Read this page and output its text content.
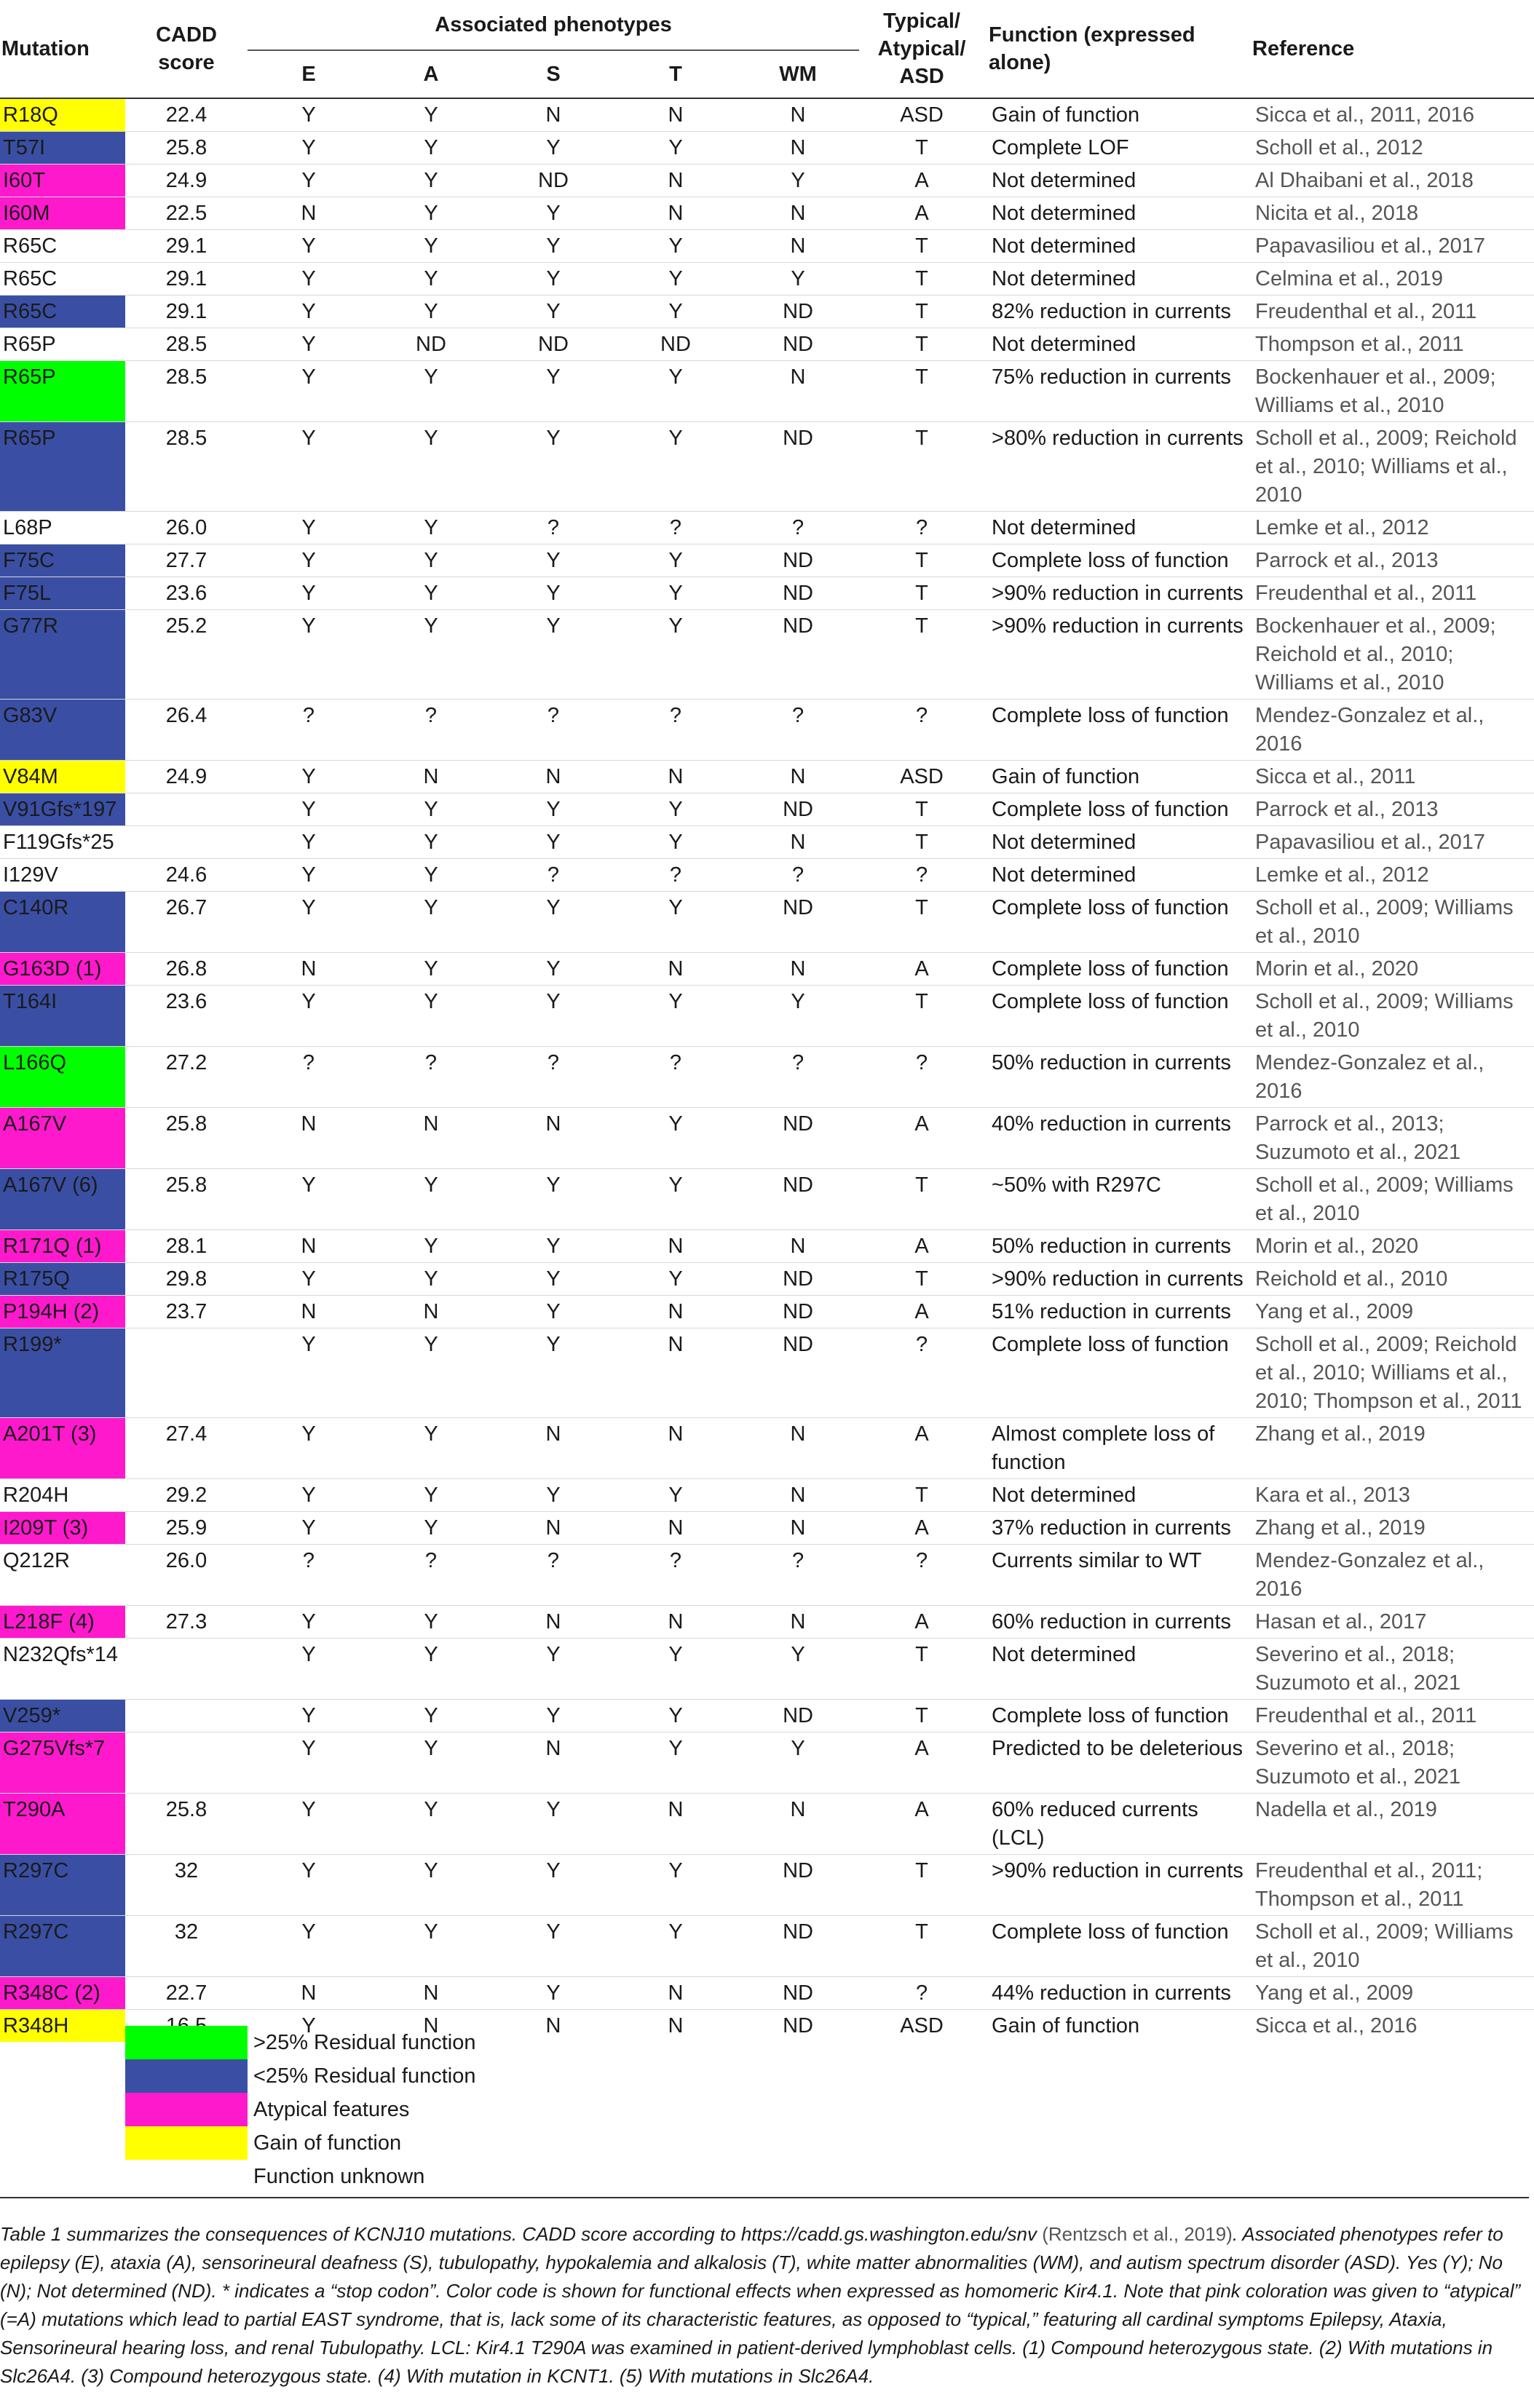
Mutation	CADD score	Associated phenotypes					Typical/ Atypical/ ASD	Function (expressed alone)	Reference
		E	A	S	T	WM			
R18Q	22.4	Y	Y	N	N	N	ASD	Gain of function	Sicca et al., 2011, 2016
T57I	25.8	Y	Y	Y	Y	N	T	Complete LOF	Scholl et al., 2012
I60T	24.9	Y	Y	ND	N	Y	A	Not determined	Al Dhaibani et al., 2018
I60M	22.5	N	Y	Y	N	N	A	Not determined	Nicita et al., 2018
R65C	29.1	Y	Y	Y	Y	N	T	Not determined	Papavasiliou et al., 2017
R65C	29.1	Y	Y	Y	Y	Y	T	Not determined	Celmina et al., 2019
R65C	29.1	Y	Y	Y	Y	ND	T	82% reduction in currents	Freudenthal et al., 2011
R65P	28.5	Y	ND	ND	ND	ND	T	Not determined	Thompson et al., 2011
R65P	28.5	Y	Y	Y	Y	N	T	75% reduction in currents	Bockenhauer et al., 2009; Williams et al., 2010
R65P	28.5	Y	Y	Y	Y	ND	T	>80% reduction in currents	Scholl et al., 2009; Reichold et al., 2010; Williams et al., 2010
L68P	26.0	Y	Y	?	?	?	?	Not determined	Lemke et al., 2012
F75C	27.7	Y	Y	Y	Y	ND	T	Complete loss of function	Parrock et al., 2013
F75L	23.6	Y	Y	Y	Y	ND	T	>90% reduction in currents	Freudenthal et al., 2011
G77R	25.2	Y	Y	Y	Y	ND	T	>90% reduction in currents	Bockenhauer et al., 2009; Reichold et al., 2010; Williams et al., 2010
G83V	26.4	?	?	?	?	?	?	Complete loss of function	Mendez-Gonzalez et al., 2016
V84M	24.9	Y	N	N	N	N	ASD	Gain of function	Sicca et al., 2011
V91Gfs*197		Y	Y	Y	Y	ND	T	Complete loss of function	Parrock et al., 2013
F119Gfs*25		Y	Y	Y	Y	N	T	Not determined	Papavasiliou et al., 2017
I129V	24.6	Y	Y	?	?	?	?	Not determined	Lemke et al., 2012
C140R	26.7	Y	Y	Y	Y	ND	T	Complete loss of function	Scholl et al., 2009; Williams et al., 2010
G163D (1)	26.8	N	Y	Y	N	N	A	Complete loss of function	Morin et al., 2020
T164I	23.6	Y	Y	Y	Y	Y	T	Complete loss of function	Scholl et al., 2009; Williams et al., 2010
L166Q	27.2	?	?	?	?	?	?	50% reduction in currents	Mendez-Gonzalez et al., 2016
A167V	25.8	N	N	N	Y	ND	A	40% reduction in currents	Parrock et al., 2013; Suzumoto et al., 2021
A167V (6)	25.8	Y	Y	Y	Y	ND	T	~50% with R297C	Scholl et al., 2009; Williams et al., 2010
R171Q (1)	28.1	N	Y	Y	N	N	A	50% reduction in currents	Morin et al., 2020
R175Q	29.8	Y	Y	Y	Y	ND	T	>90% reduction in currents	Reichold et al., 2010
P194H (2)	23.7	N	N	Y	N	ND	A	51% reduction in currents	Yang et al., 2009
R199*		Y	Y	Y	N	ND	?	Complete loss of function	Scholl et al., 2009; Reichold et al., 2010; Williams et al., 2010; Thompson et al., 2011
A201T (3)	27.4	Y	Y	N	N	N	A	Almost complete loss of function	Zhang et al., 2019
R204H	29.2	Y	Y	Y	Y	N	T	Not determined	Kara et al., 2013
I209T (3)	25.9	Y	Y	N	N	N	A	37% reduction in currents	Zhang et al., 2019
Q212R	26.0	?	?	?	?	?	?	Currents similar to WT	Mendez-Gonzalez et al., 2016
L218F (4)	27.3	Y	Y	N	N	N	A	60% reduction in currents	Hasan et al., 2017
N232Qfs*14		Y	Y	Y	Y	Y	T	Not determined	Severino et al., 2018; Suzumoto et al., 2021
V259*		Y	Y	Y	Y	ND	T	Complete loss of function	Freudenthal et al., 2011
G275Vfs*7		Y	Y	N	Y	Y	A	Predicted to be deleterious	Severino et al., 2018; Suzumoto et al., 2021
T290A	25.8	Y	Y	Y	N	N	A	60% reduced currents (LCL)	Nadella et al., 2019
R297C	32	Y	Y	Y	Y	ND	T	>90% reduction in currents	Freudenthal et al., 2011; Thompson et al., 2011
R297C	32	Y	Y	Y	Y	ND	T	Complete loss of function	Scholl et al., 2009; Williams et al., 2010
R348C (2)	22.7	N	N	Y	N	ND	?	44% reduction in currents	Yang et al., 2009
R348H		Y	N	N	N	ND	ASD	Gain of function	Sicca et al., 2016
>25% Residual function
<25% Residual function
Atypical features
Gain of function
Function unknown
Table 1 summarizes the consequences of KCNJ10 mutations. CADD score according to https://cadd.gs.washington.edu/snv (Rentzsch et al., 2019). Associated phenotypes refer to epilepsy (E), ataxia (A), sensorineural deafness (S), tubulopathy, hypokalemia and alkalosis (T), white matter abnormalities (WM), and autism spectrum disorder (ASD). Yes (Y); No (N); Not determined (ND). * indicates a “stop codon”. Color code is shown for functional effects when expressed as homomeric Kir4.1. Note that pink coloration was given to “atypical” (=A) mutations which lead to partial EAST syndrome, that is, lack some of its characteristic features, as opposed to “typical,” featuring all cardinal symptoms Epilepsy, Ataxia, Sensorineural hearing loss, and renal Tubulopathy. LCL: Kir4.1 T290A was examined in patient-derived lymphoblast cells. (1) Compound heterozygous state. (2) With mutations in Slc26A4. (3) Compound heterozygous state. (4) With mutation in KCNT1. (5) With mutations in Slc26A4.
